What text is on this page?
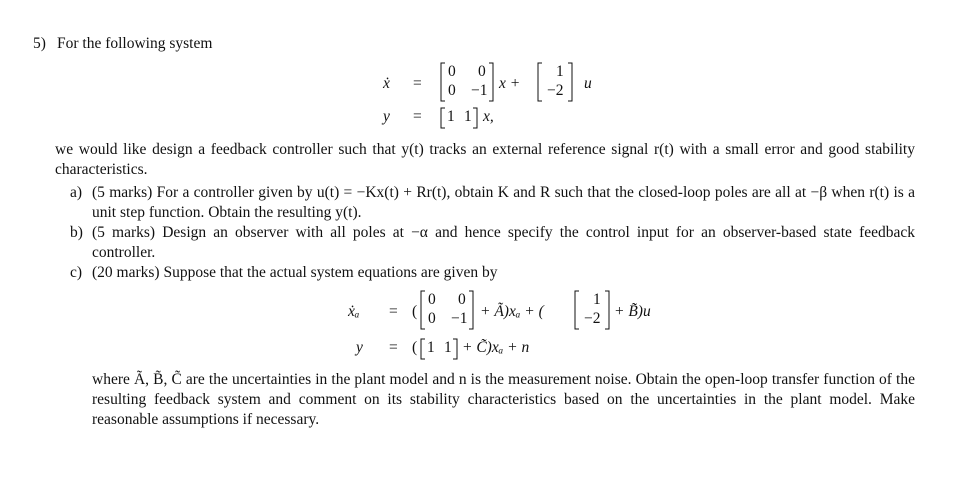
5) For the following system
ẋ =
0 0
0 −1 x +
1
−2 u
y = 1 1 x,
we would like design a feedback controller such that y(t) tracks an external reference signal r(t) with a small error and good stability characteristics.
a) (5 marks) For a controller given by u(t) = −Kx(t) + Rr(t), obtain K and R such that the closed-loop poles are all at −β when r(t) is a unit step function. Obtain the resulting y(t).
b) (5 marks) Design an observer with all poles at −α and hence specify the control input for an observer-based state feedback controller.
c) (20 marks) Suppose that the actual system equations are given by
ẋₐ = (
0 0
0 −1 + Ã)xₐ + (
1
−2 + B̃)u
y = ( 1 1 + C̃)xₐ + n
where Ã, B̃, C̃ are the uncertainties in the plant model and n is the measurement noise. Obtain the open-loop transfer function of the resulting feedback system and comment on its stability characteristics based on the uncertainties in the plant model. Make reasonable assumptions if necessary.
